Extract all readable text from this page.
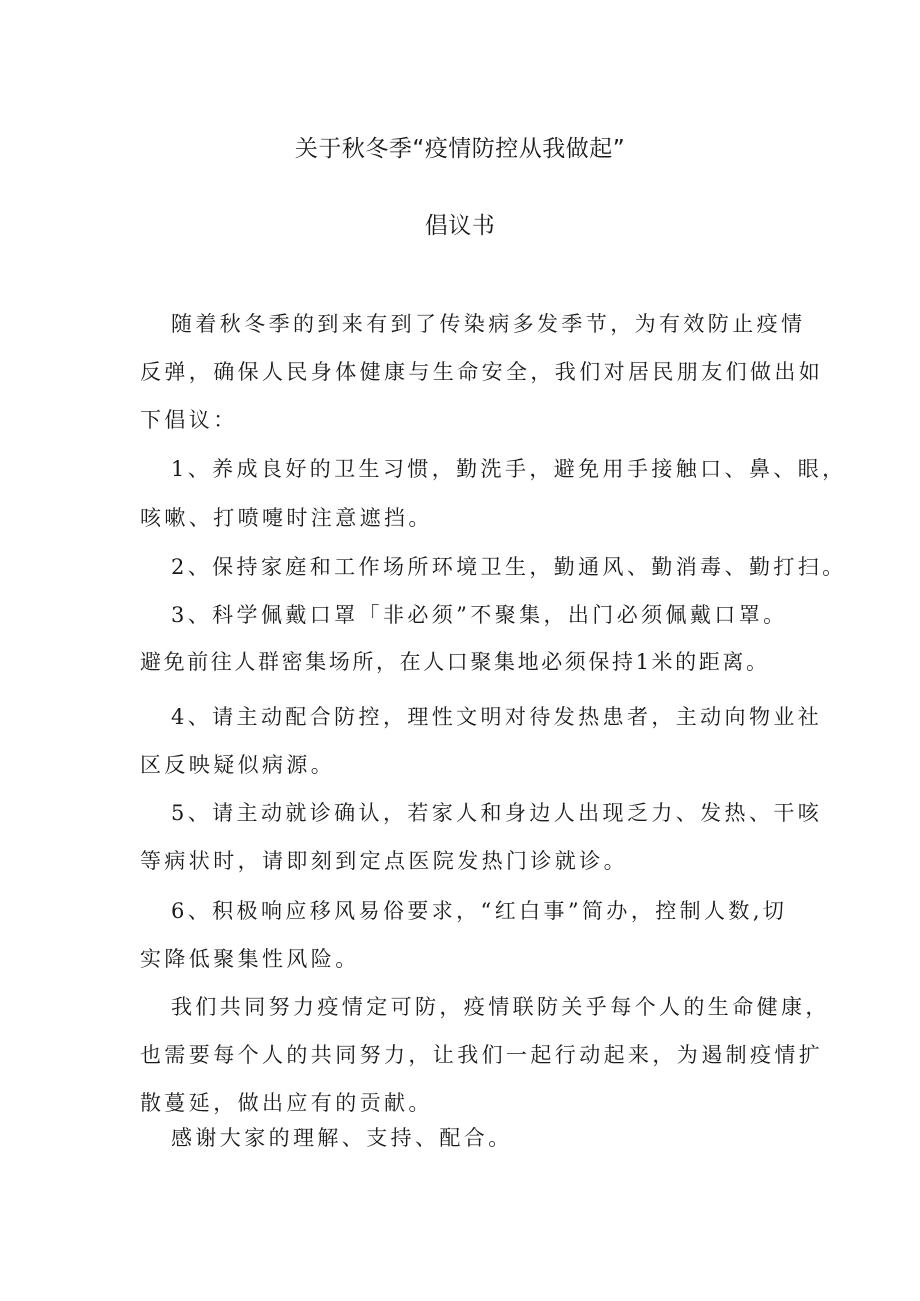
关于秋冬季“疫情防控从我做起”
倡议书

随着秋冬季的到来有到了传染病多发季节，为有效防止疫情

反弹，确保人民身体健康与生命安全，我们对居民朋友们做出如

下倡议：

1、养成良好的卫生习惯，勤洗手，避免用手接触口、鼻、眼，

咳嗽、打喷嚏时注意遮挡。

2、保持家庭和工作场所环境卫生，勤通风、勤消毒、勤打扫。

3、科学佩戴口罩「非必须”不聚集，出门必须佩戴口罩。

避免前往人群密集场所，在人口聚集地必须保持1米的距离。

4、请主动配合防控，理性文明对待发热患者，主动向物业社

区反映疑似病源。

5、请主动就诊确认，若家人和身边人出现乏力、发热、干咳

等病状时，请即刻到定点医院发热门诊就诊。

6、积极响应移风易俗要求，“红白事”简办，控制人数,切

实降低聚集性风险。

我们共同努力疫情定可防，疫情联防关乎每个人的生命健康，

也需要每个人的共同努力，让我们一起行动起来，为遏制疫情扩

散蔓延，做出应有的贡献。

感谢大家的理解、支持、配合。
